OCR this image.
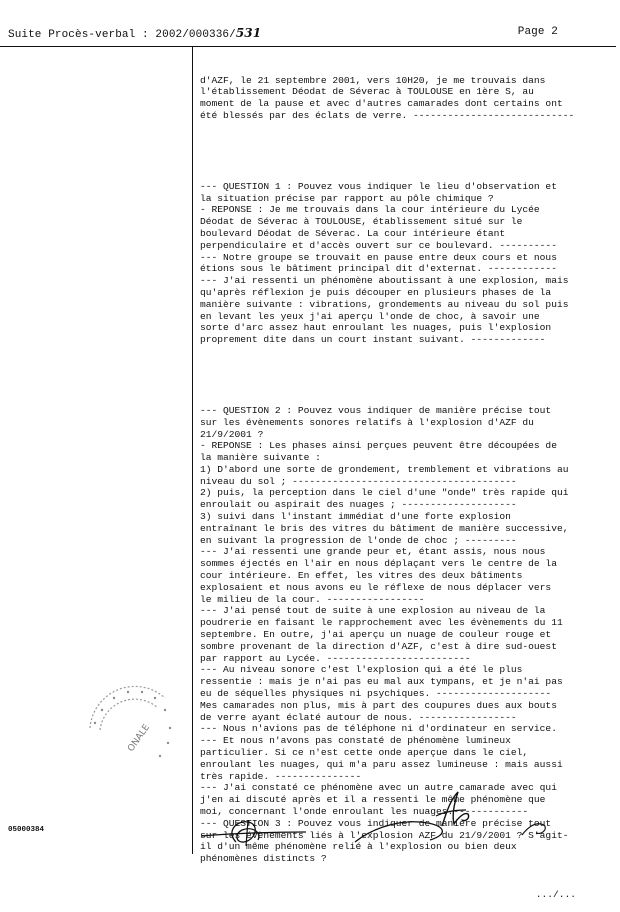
Suite Procès-verbal : 2002/000336/531	Page 2

d'AZF, le 21 septembre 2001, vers 10H20, je me trouvais dans

l'établissement Déodat de Séverac à TOULOUSE en 1ère S, au

moment de la pause et avec d'autres camarades dont certains ont

été blessés par des éclats de verre. ----------------------------

--- QUESTION 1 : Pouvez vous indiquer le lieu d'observation et

la situation précise par rapport au pôle chimique ?

- REPONSE : Je me trouvais dans la cour intérieure du Lycée

Déodat de Séverac à TOULOUSE, établissement situé sur le

boulevard Déodat de Séverac. La cour intérieure étant

perpendiculaire et d'accès ouvert sur ce boulevard. ----------

--- Notre groupe se trouvait en pause entre deux cours et nous

étions sous le bâtiment principal dit d'externat. ------------

--- J'ai ressenti un phénomène aboutissant à une explosion, mais

qu'après réflexion je puis découper en plusieurs phases de la

manière suivante : vibrations, grondements au niveau du sol puis

en levant les yeux j'ai aperçu l'onde de choc, à savoir une

sorte d'arc assez haut enroulant les nuages, puis l'explosion

proprement dite dans un court instant suivant. -------------

--- QUESTION 2 : Pouvez vous indiquer de manière précise tout

sur les évènements sonores relatifs à l'explosion d'AZF du

21/9/2001 ?

- REPONSE : Les phases ainsi perçues peuvent être découpées de

la manière suivante :

1) D'abord une sorte de grondement, tremblement et vibrations au

niveau du sol ; ---------------------------------------

2) puis, la perception dans le ciel d'une "onde" très rapide qui

enroulait ou aspirait des nuages ; --------------------

3) suivi dans l'instant immédiat d'une forte explosion

entraînant le bris des vitres du bâtiment de manière successive,

en suivant la progression de l'onde de choc ; ---------

--- J'ai ressenti une grande peur et, étant assis, nous nous

sommes éjectés en l'air en nous déplaçant vers le centre de la

cour intérieure. En effet, les vitres des deux bâtiments

explosaient et nous avons eu le réflexe de nous déplacer vers

le milieu de la cour. -----------------

--- J'ai pensé tout de suite à une explosion au niveau de la

poudrerie en faisant le rapprochement avec les évènements du 11

septembre. En outre, j'ai aperçu un nuage de couleur rouge et

sombre provenant de la direction d'AZF, c'est à dire sud-ouest

par rapport au Lycée. -------------------------

--- Au niveau sonore c'est l'explosion qui a été le plus

ressentie : mais je n'ai pas eu mal aux tympans, et je n'ai pas

eu de séquelles physiques ni psychiques. --------------------

Mes camarades non plus, mis à part des coupures dues aux bouts

de verre ayant éclaté autour de nous. -----------------

--- Nous n'avions pas de téléphone ni d'ordinateur en service.

--- Et nous n'avons pas constaté de phénomène lumineux

particulier. Si ce n'est cette onde aperçue dans le ciel,

enroulant les nuages, qui m'a paru assez lumineuse : mais aussi

très rapide. ---------------

--- J'ai constaté ce phénomène avec un autre camarade avec qui

j'en ai discuté après et il a ressenti le même phénomène que

moi, concernant l'onde enroulant les nuages.-------------

--- QUESTION 3 : Pouvez vous indiquer de manière précise tout

sur les évènements liés à l'explosion AZF du 21/9/2001 ? S'agit-

il d'un même phénomène relié à l'explosion ou bien deux

phénomènes distincts ?

.../...

ONALE
05000384
